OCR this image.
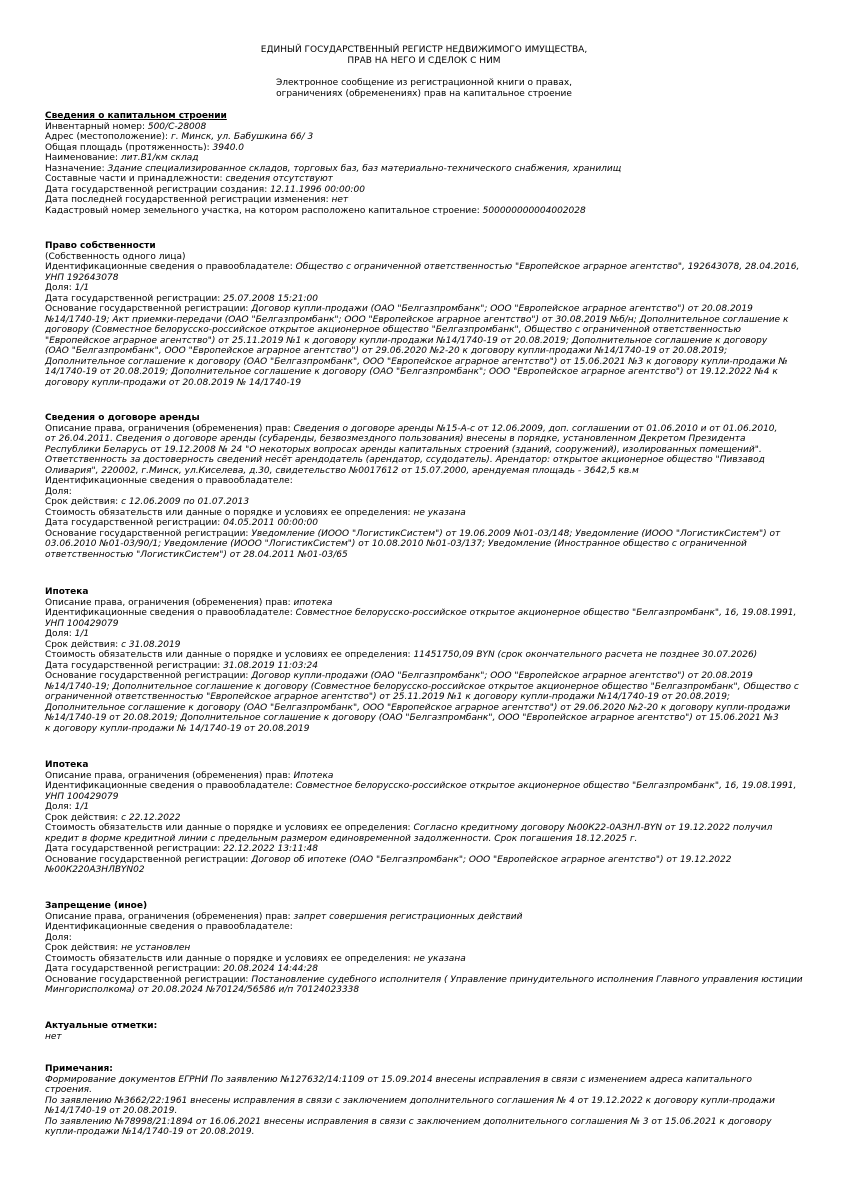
ЕДИНЫЙ ГОСУДАРСТВЕННЫЙ РЕГИСТР НЕДВИЖИМОГО ИМУЩЕСТВА,
ПРАВ НА НЕГО И СДЕЛОК С НИМ
Электронное сообщение из регистрационной книги о правах,
ограничениях (обременениях) прав на капитальное строение
Сведения о капитальном строении
Инвентарный номер: 500/C-28008
Адрес (местоположение): г. Минск, ул. Бабушкина 66/ 3
Общая площадь (протяженность): 3940.0
Наименование: лит.В1/км склад
Назначение: Здание специализированное складов, торговых баз, баз материально-технического снабжения, хранилищ
Составные части и принадлежности: сведения отсутствуют
Дата государственной регистрации создания: 12.11.1996 00:00:00
Дата последней государственной регистрации изменения: нет
Кадастровый номер земельного участка, на котором расположено капитальное строение: 500000000004002028
Право собственности
(Собственность одного лица)
Идентификационные сведения о правообладателе: Общество с ограниченной ответственностью "Европейское аграрное агентство", 192643078, 28.04.2016,
УНП 192643078
Доля: 1/1
Дата государственной регистрации: 25.07.2008 15:21:00
Основание государственной регистрации: Договор купли-продажи (ОАО "Белгазпромбанк"; ООО "Европейское аграрное агентство") от 20.08.2019
№14/1740-19; Акт приемки-передачи (ОАО "Белгазпромбанк"; ООО "Европейское аграрное агентство") от 30.08.2019 №б/н; Дополнительное соглашение к
договору (Совместное белорусско-российское открытое акционерное общество "Белгазпромбанк", Общество с ограниченной ответственностью
"Европейское аграрное агентство") от 25.11.2019 №1 к договору купли-продажи №14/1740-19 от 20.08.2019; Дополнительное соглашение к договору
(ОАО "Белгазпромбанк", ООО "Европейское аграрное агентство") от 29.06.2020 №2-20 к договору купли-продажи №14/1740-19 от 20.08.2019;
Дополнительное соглашение к договору (ОАО "Белгазпромбанк", ООО "Европейское аграрное агентство") от 15.06.2021 №3 к договору купли-продажи №
14/1740-19 от 20.08.2019; Дополнительное соглашение к договору (ОАО "Белгазпромбанк"; ООО "Европейское аграрное агентство") от 19.12.2022 №4 к
договору купли-продажи от 20.08.2019 № 14/1740-19
Сведения о договоре аренды
Описание права, ограничения (обременения) прав: Сведения о договоре аренды №15-А-с от 12.06.2009, доп. соглашении от 01.06.2010 и от 01.06.2010,
от 26.04.2011. Сведения о договоре аренды (субаренды, безвозмездного пользования) внесены в порядке, установленном Декретом Президента
Республики Беларусь от 19.12.2008 № 24 "О некоторых вопросах аренды капитальных строений (зданий, сооружений), изолированных помещений".
Ответственность за достоверность сведений несёт арендодатель (арендатор, ссудодатель). Арендатор: открытое акционерное общество "Пивзавод
Оливария", 220002, г.Минск, ул.Киселева, д.30, свидетельство №0017612 от 15.07.2000, арендуемая площадь - 3642,5 кв.м
Идентификационные сведения о правообладателе:
Доля:
Срок действия: с 12.06.2009 по 01.07.2013
Стоимость обязательств или данные о порядке и условиях ее определения: не указана
Дата государственной регистрации: 04.05.2011 00:00:00
Основание государственной регистрации: Уведомление (ИООО "ЛогистикСистем") от 19.06.2009 №01-03/148; Уведомление (ИООО "ЛогистикСистем") от
03.06.2010 №01-03/90/1; Уведомление (ИООО "ЛогистикСистем") от 10.08.2010 №01-03/137; Уведомление (Иностранное общество с ограниченной
ответственностью "ЛогистикСистем") от 28.04.2011 №01-03/65
Ипотека
Описание права, ограничения (обременения) прав: ипотека
Идентификационные сведения о правообладателе: Совместное белорусско-российское открытое акционерное общество "Белгазпромбанк", 16, 19.08.1991,
УНП 100429079
Доля: 1/1
Срок действия: с 31.08.2019
Стоимость обязательств или данные о порядке и условиях ее определения: 11451750,09 BYN (срок окончательного расчета не позднее 30.07.2026)
Дата государственной регистрации: 31.08.2019 11:03:24
Основание государственной регистрации: Договор купли-продажи (ОАО "Белгазпромбанк"; ООО "Европейское аграрное агентство") от 20.08.2019
№14/1740-19; Дополнительное соглашение к договору (Совместное белорусско-российское открытое акционерное общество "Белгазпромбанк", Общество с
ограниченной ответственностью "Европейское аграрное агентство") от 25.11.2019 №1 к договору купли-продажи №14/1740-19 от 20.08.2019;
Дополнительное соглашение к договору (ОАО "Белгазпромбанк", ООО "Европейское аграрное агентство") от 29.06.2020 №2-20 к договору купли-продажи
№14/1740-19 от 20.08.2019; Дополнительное соглашение к договору (ОАО "Белгазпромбанк", ООО "Европейское аграрное агентство") от 15.06.2021 №3
к договору купли-продажи № 14/1740-19 от 20.08.2019
Ипотека
Описание права, ограничения (обременения) прав: Ипотека
Идентификационные сведения о правообладателе: Совместное белорусско-российское открытое акционерное общество "Белгазпромбанк", 16, 19.08.1991,
УНП 100429079
Доля: 1/1
Срок действия: с 22.12.2022
Стоимость обязательств или данные о порядке и условиях ее определения: Согласно кредитному договору №00К22-0АЗНЛ-BYN от 19.12.2022 получил
кредит в форме кредитной линии с предельным размером единовременной задолженности. Срок погашения 18.12.2025 г.
Дата государственной регистрации: 22.12.2022 13:11:48
Основание государственной регистрации: Договор об ипотеке (ОАО "Белгазпромбанк"; ООО "Европейское аграрное агентство") от 19.12.2022
№00К220АЗНЛBYN02
Запрещение (иное)
Описание права, ограничения (обременения) прав: запрет совершения регистрационных действий
Идентификационные сведения о правообладателе:
Доля:
Срок действия: не установлен
Стоимость обязательств или данные о порядке и условиях ее определения: не указана
Дата государственной регистрации: 20.08.2024 14:44:28
Основание государственной регистрации: Постановление судебного исполнителя ( Управление принудительного исполнения Главного управления юстиции
Мингорисполкома) от 20.08.2024 №70124/56586 и/п 70124023338
Актуальные отметки:
нет
Примечания:
Формирование документов ЕГРНИ По заявлению №127632/14:1109 от 15.09.2014 внесены исправления в связи с изменением адреса капитального
строения.
По заявлению №3662/22:1961 внесены исправления в связи с заключением дополнительного соглашения № 4 от 19.12.2022 к договору купли-продажи
№14/1740-19 от 20.08.2019.
По заявлению №78998/21:1894 от 16.06.2021 внесены исправления в связи с заключением дополнительного соглашения № 3 от 15.06.2021 к договору
купли-продажи №14/1740-19 от 20.08.2019.
